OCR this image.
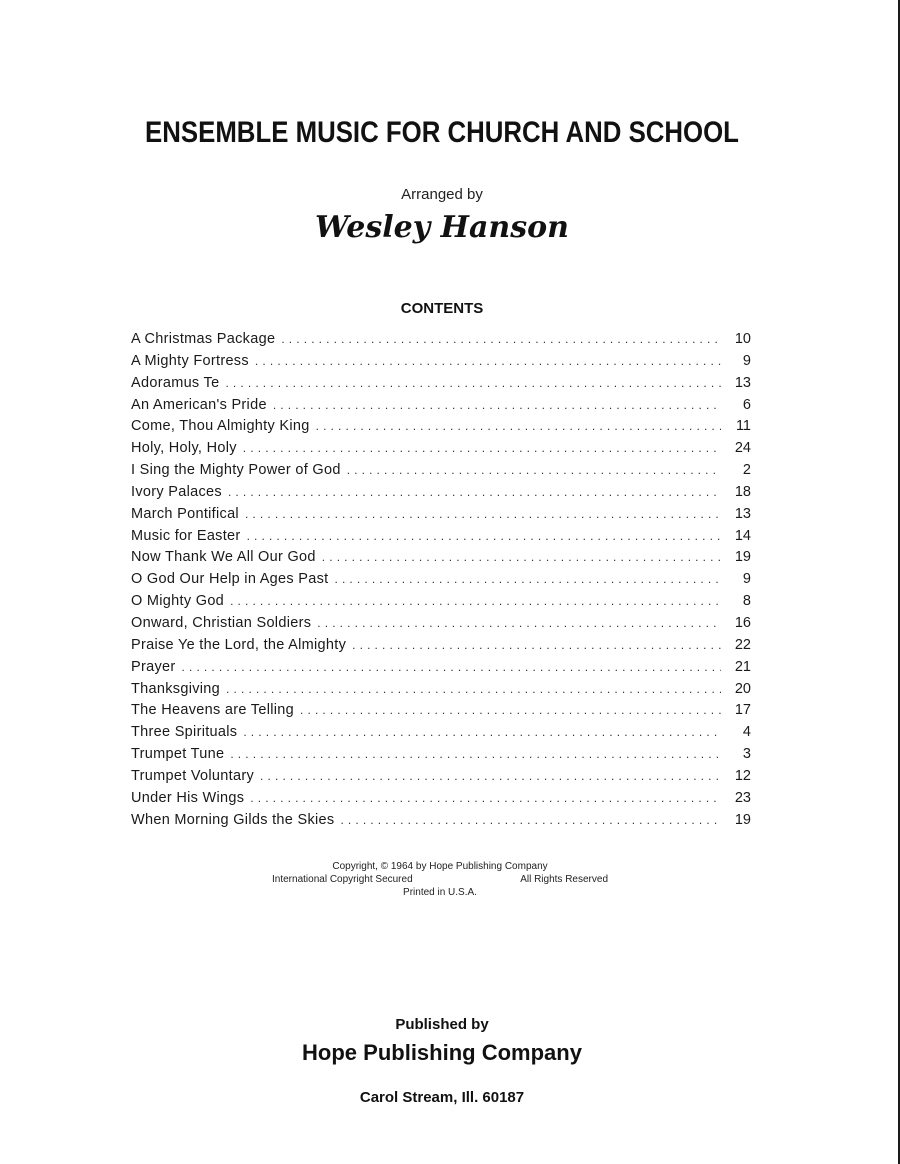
ENSEMBLE MUSIC FOR CHURCH AND SCHOOL
Arranged by
Wesley Hanson
CONTENTS
A Christmas Package . . .	10
A Mighty Fortress . . .	9
Adoramus Te . . .	13
An American's Pride . . .	6
Come, Thou Almighty King . . .	11
Holy, Holy, Holy . . .	24
I Sing the Mighty Power of God . . .	2
Ivory Palaces . . .	18
March Pontifical . . .	13
Music for Easter . . .	14
Now Thank We All Our God . . .	19
O God Our Help in Ages Past . . .	9
O Mighty God . . .	8
Onward, Christian Soldiers . . .	16
Praise Ye the Lord, the Almighty . . .	22
Prayer . . .	21
Thanksgiving . . .	20
The Heavens are Telling . . .	17
Three Spirituals . . .	4
Trumpet Tune . . .	3
Trumpet Voluntary . . .	12
Under His Wings . . .	23
When Morning Gilds the Skies . . .	19
Copyright, © 1964 by Hope Publishing Company
International Copyright Secured	All Rights Reserved
Printed in U.S.A.
Published by
Hope Publishing Company
Carol Stream, Ill. 60187
